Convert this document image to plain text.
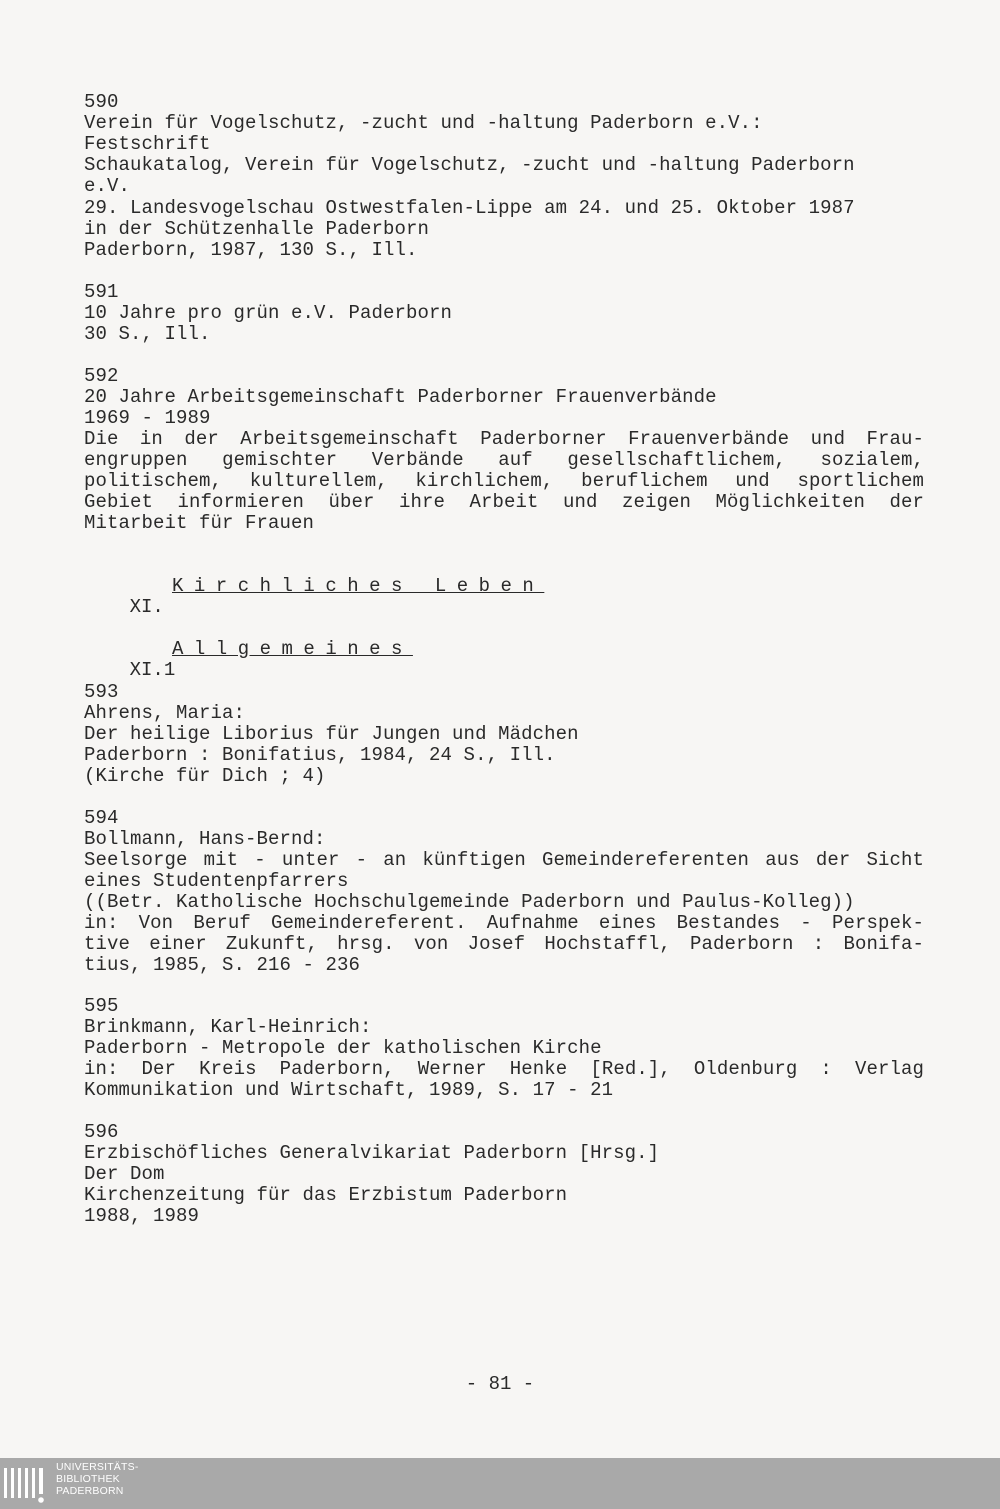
590
Verein für Vogelschutz, -zucht und -haltung Paderborn e.V.:
Festschrift
Schaukatalog, Verein für Vogelschutz, -zucht und -haltung Paderborn
e.V.
29. Landesvogelschau Ostwestfalen-Lippe am 24. und 25. Oktober 1987
in der Schützenhalle Paderborn
Paderborn, 1987, 130 S., Ill.
591
10 Jahre pro grün e.V. Paderborn
30 S., Ill.
592
20 Jahre Arbeitsgemeinschaft Paderborner Frauenverbände
1969 - 1989
Die in der Arbeitsgemeinschaft Paderborner Frauenverbände und Frau-
engruppen gemischter Verbände auf gesellschaftlichem, sozialem,
politischem, kulturellem, kirchlichem, beruflichem und sportlichem
Gebiet informieren über ihre Arbeit und zeigen Möglichkeiten der
Mitarbeit für Frauen

XI.

Kirchliches Leben

XI.1

Allgemeines

593
Ahrens, Maria:
Der heilige Liborius für Jungen und Mädchen
Paderborn : Bonifatius, 1984, 24 S., Ill.
(Kirche für Dich ; 4)
594
Bollmann, Hans-Bernd:
Seelsorge mit - unter - an künftigen Gemeindereferenten aus der Sicht
eines Studentenpfarrers
((Betr. Katholische Hochschulgemeinde Paderborn und Paulus-Kolleg))
in: Von Beruf Gemeindereferent. Aufnahme eines Bestandes - Perspek-
tive einer Zukunft, hrsg. von Josef Hochstaffl, Paderborn : Bonifa-
tius, 1985, S. 216 - 236
595
Brinkmann, Karl-Heinrich:
Paderborn - Metropole der katholischen Kirche
in: Der Kreis Paderborn, Werner Henke [Red.], Oldenburg : Verlag
Kommunikation und Wirtschaft, 1989, S. 17 - 21
596
Erzbischöfliches Generalvikariat Paderborn [Hrsg.]
Der Dom
Kirchenzeitung für das Erzbistum Paderborn
1988, 1989
- 81 -
UNIVERSITÄTS-
BIBLIOTHEK
PADERBORN
